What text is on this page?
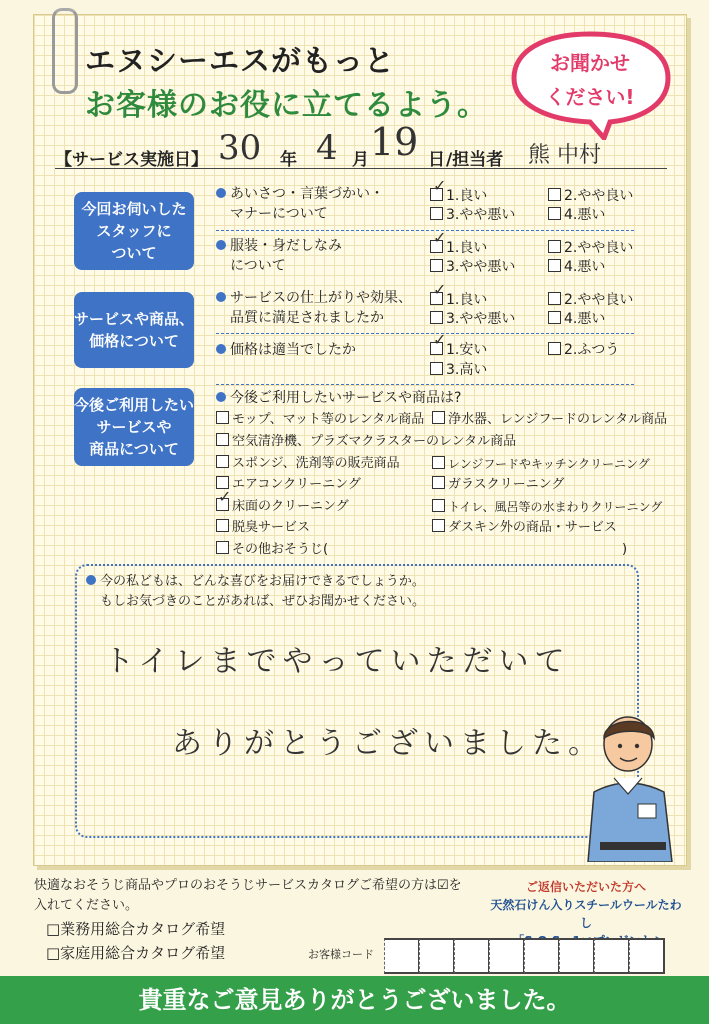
エヌシーエスがもっと
お客様のお役に立てるよう。
お聞かせ
ください!
【サービス実施日】 30 年 4 月 19 日 /担当者 熊 中村
今回お伺いした
スタッフに
ついて
サービスや商品、
価格について
今後ご利用したい
サービスや
商品について
あいさつ・言葉づかい・
マナーについて
1.良い	2.やや良い
3.やや悪い	4.悪い
✓
服装・身だしなみ
について
1.良い	2.やや良い
3.やや悪い	4.悪い
✓
サービスの仕上がりや効果、
品質に満足されましたか
1.良い	2.やや良い
3.やや悪い	4.悪い
✓
価格は適当でしたか	1.安い	2.ふつう
3.高い
✓
今後ご利用したいサービスや商品は?
モップ、マット等のレンタル商品	浄水器、レンジフードのレンタル商品
空気清浄機、プラズマクラスターのレンタル商品
スポンジ、洗剤等の販売商品	レンジフードやキッチンクリーニング
エアコンクリーニング	ガラスクリーニング
床面のクリーニング	トイレ、風呂等の水まわりクリーニング
脱臭サービス	ダスキン外の商品・サービス
その他おそうじ(	)
✓
今の私どもは、どんな喜びをお届けできるでしょうか。
もしお気づきのことがあれば、ぜひお聞かせください。
トイレまでやっていただいて
ありがとうございました。
快適なおそうじ商品やプロのおそうじサービスカタログご希望の方は☑を
入れてください。
□業務用総合カタログ希望
□家庭用総合カタログ希望
ご返信いただいた方へ
天然石けん入りスチールウールたわし
お客様コード
貴重なご意見ありがとうございました。
